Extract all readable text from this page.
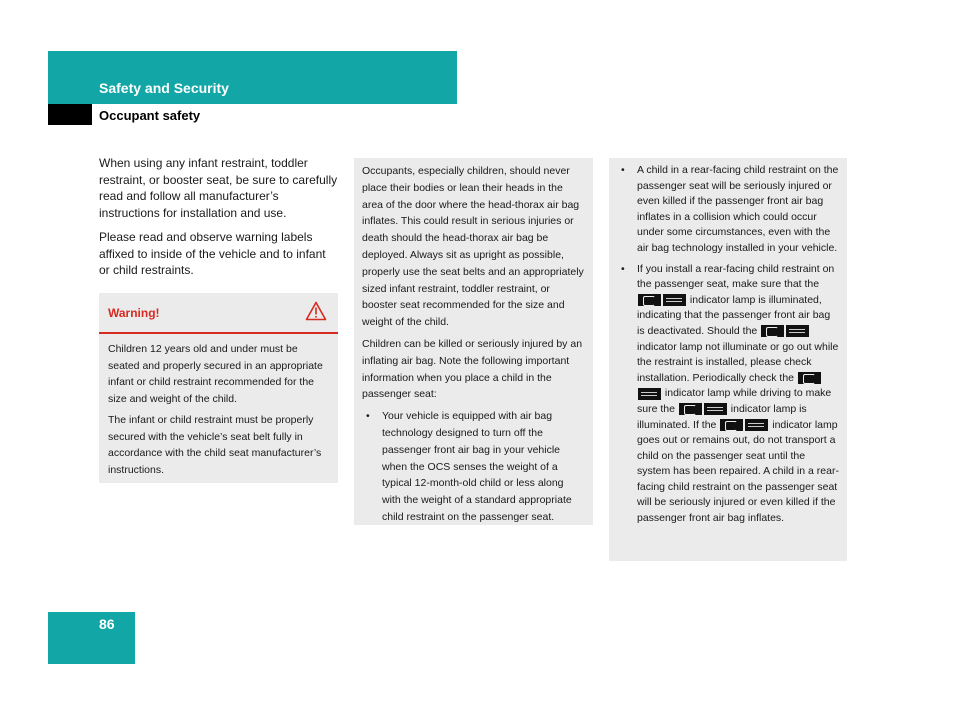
Safety and Security
Occupant safety

When using any infant restraint, toddler restraint, or booster seat, be sure to carefully read and follow all manufacturer’s instructions for installation and use.

Please read and observe warning labels affixed to inside of the vehicle and to infant or child restraints.

Warning!

Children 12 years old and under must be seated and properly secured in an appropriate infant or child restraint recommended for the size and weight of the child.

The infant or child restraint must be properly secured with the vehicle’s seat belt fully in accordance with the child seat manufacturer’s instructions.

Occupants, especially children, should never place their bodies or lean their heads in the area of the door where the head-thorax air bag inflates. This could result in serious injuries or death should the head-thorax air bag be deployed. Always sit as upright as possible, properly use the seat belts and an appropriately sized infant restraint, toddler restraint, or booster seat recommended for the size and weight of the child.

Children can be killed or seriously injured by an inflating air bag. Note the following important information when you place a child in the passenger seat:

• Your vehicle is equipped with air bag technology designed to turn off the passenger front air bag in your vehicle when the OCS senses the weight of a typical 12-month-old child or less along with the weight of a standard appropriate child restraint on the passenger seat.
• A child in a rear-facing child restraint on the passenger seat will be seriously injured or even killed if the passenger front air bag inflates in a collision which could occur under some circumstances, even with the air bag technology installed in your vehicle.
• If you install a rear-facing child restraint on the passenger seat, make sure that the  indicator lamp is illuminated, indicating that the passenger front air bag is deactivated. Should the  indicator lamp not illuminate or go out while the restraint is installed, please check installation. Periodically check the  indicator lamp while driving to make sure the	indicator lamp is illuminated. If the	indicator lamp goes out or remains out, do not transport a child on the passenger seat until the system has been repaired. A child in a rear-facing child restraint on the passenger seat will be seriously injured or even killed if the passenger front air bag inflates.
86
